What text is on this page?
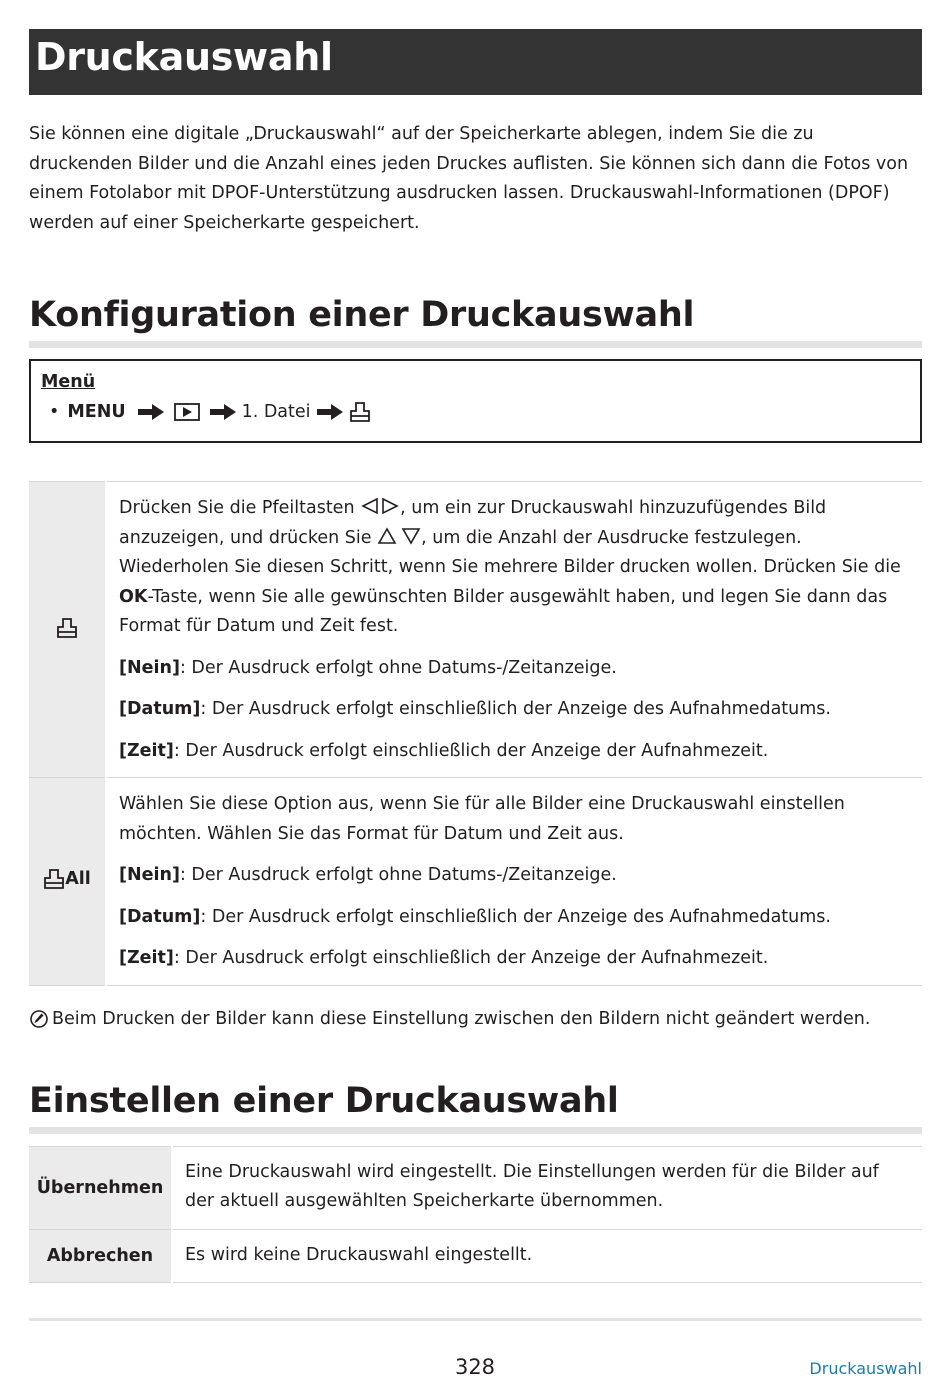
Druckauswahl
Sie können eine digitale „Druckauswahl“ auf der Speicherkarte ablegen, indem Sie die zu druckenden Bilder und die Anzahl eines jeden Druckes auflisten. Sie können sich dann die Fotos von einem Fotolabor mit DPOF-Unterstützung ausdrucken lassen. Druckauswahl-Informationen (DPOF) werden auf einer Speicherkarte gespeichert.
Konfiguration einer Druckauswahl
Menü
• MENU	1. Datei

Drücken Sie die Pfeiltasten , um ein zur Druckauswahl hinzuzufügendes Bild anzuzeigen, und drücken Sie , um die Anzahl der Ausdrucke festzulegen. Wiederholen Sie diesen Schritt, wenn Sie mehrere Bilder drucken wollen. Drücken Sie die OK-Taste, wenn Sie alle gewünschten Bilder ausgewählt haben, und legen Sie dann das Format für Datum und Zeit fest.

[Nein]: Der Ausdruck erfolgt ohne Datums-/Zeitanzeige.

[Datum]: Der Ausdruck erfolgt einschließlich der Anzeige des Aufnahmedatums.

[Zeit]: Der Ausdruck erfolgt einschließlich der Anzeige der Aufnahmezeit.

All	Wählen Sie diese Option aus, wenn Sie für alle Bilder eine Druckauswahl einstellen möchten. Wählen Sie das Format für Datum und Zeit aus.

[Nein]: Der Ausdruck erfolgt ohne Datums-/Zeitanzeige.

[Datum]: Der Ausdruck erfolgt einschließlich der Anzeige des Aufnahmedatums.

[Zeit]: Der Ausdruck erfolgt einschließlich der Anzeige der Aufnahmezeit.

Beim Drucken der Bilder kann diese Einstellung zwischen den Bildern nicht geändert werden.
Einstellen einer Druckauswahl
Übernehmen	Eine Druckauswahl wird eingestellt. Die Einstellungen werden für die Bilder auf der aktuell ausgewählten Speicherkarte übernommen.
Abbrechen	Es wird keine Druckauswahl eingestellt.
328	Druckauswahl
